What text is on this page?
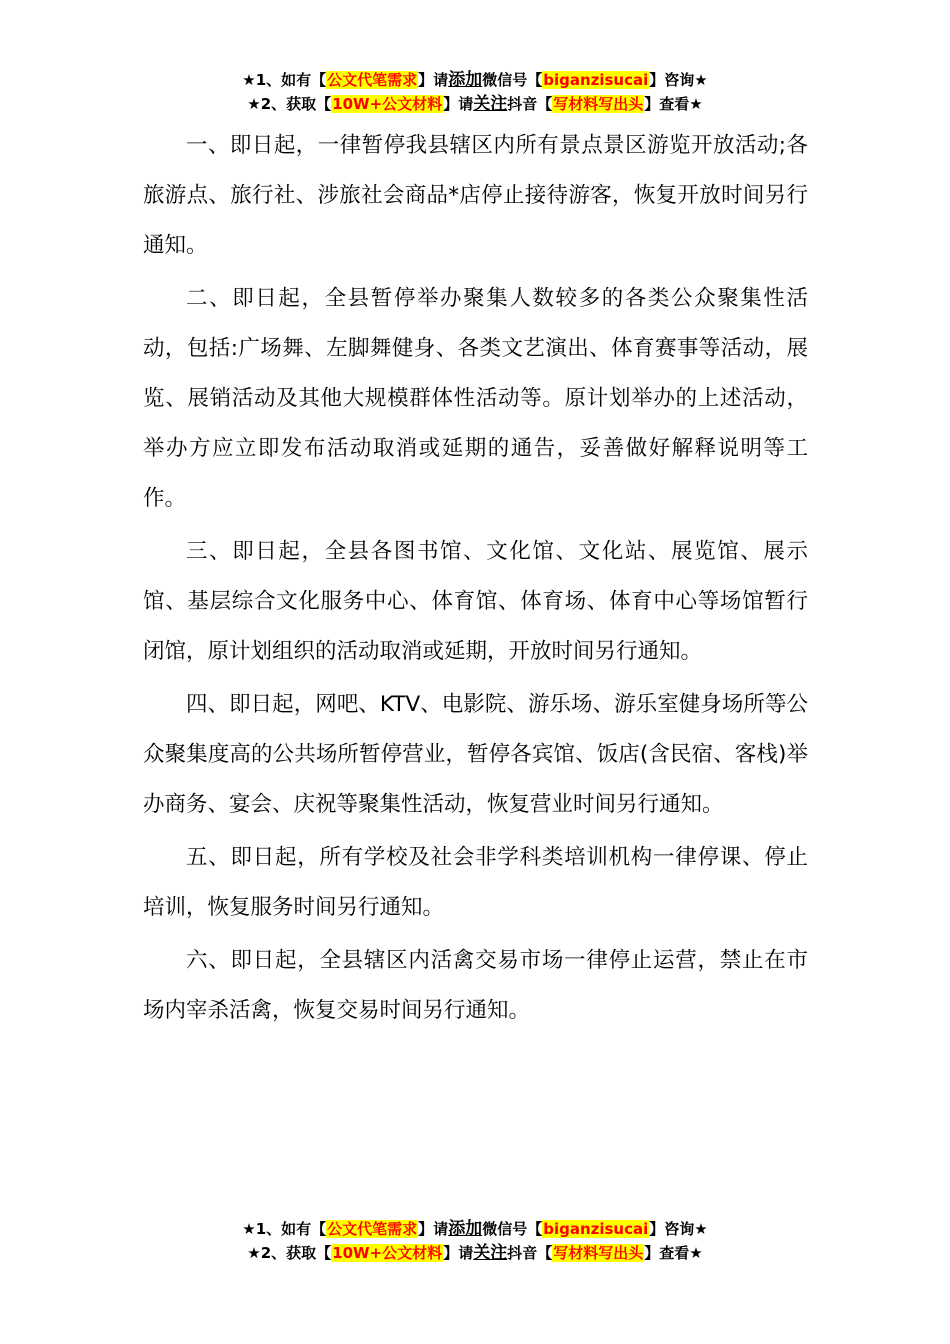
★1、如有【公文代笔需求】请添加微信号【biganzisucai】咨询★
★2、获取【10W+公文材料】请关注抖音【写材料写出头】查看★

一、即日起，一律暂停我县辖区内所有景点景区游览开放活动;各旅游点、旅行社、涉旅社会商品*店停止接待游客，恢复开放时间另行通知。

二、即日起，全县暂停举办聚集人数较多的各类公众聚集性活动，包括:广场舞、左脚舞健身、各类文艺演出、体育赛事等活动，展览、展销活动及其他大规模群体性活动等。原计划举办的上述活动，举办方应立即发布活动取消或延期的通告，妥善做好解释说明等工作。

三、即日起，全县各图书馆、文化馆、文化站、展览馆、展示馆、基层综合文化服务中心、体育馆、体育场、体育中心等场馆暂行闭馆，原计划组织的活动取消或延期，开放时间另行通知。

四、即日起，网吧、KTV、电影院、游乐场、游乐室健身场所等公众聚集度高的公共场所暂停营业，暂停各宾馆、饭店(含民宿、客栈)举办商务、宴会、庆祝等聚集性活动，恢复营业时间另行通知。

五、即日起，所有学校及社会非学科类培训机构一律停课、停止培训，恢复服务时间另行通知。

六、即日起，全县辖区内活禽交易市场一律停止运营，禁止在市场内宰杀活禽，恢复交易时间另行通知。

★1、如有【公文代笔需求】请添加微信号【biganzisucai】咨询★
★2、获取【10W+公文材料】请关注抖音【写材料写出头】查看★
